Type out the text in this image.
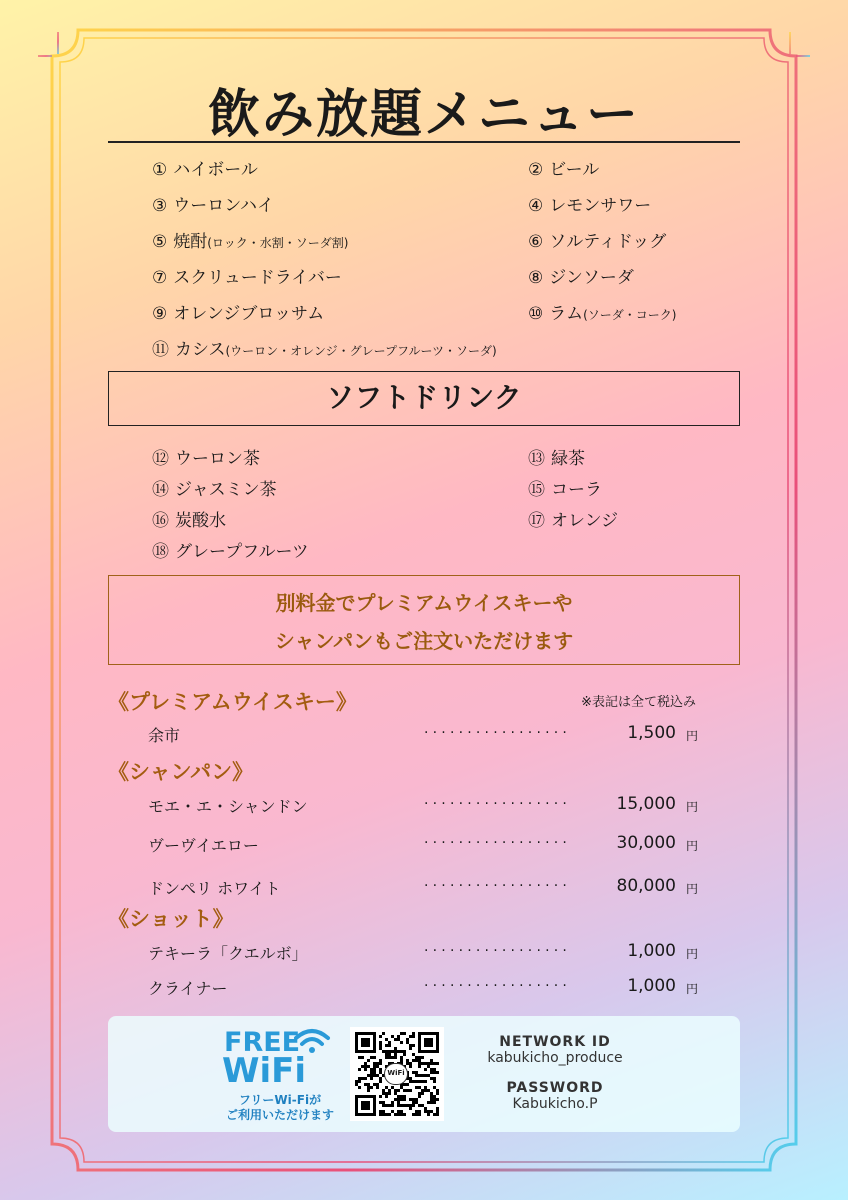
飲み放題メニュー
① ハイボール	② ビール
③ ウーロンハイ	④ レモンサワー
⑤ 焼酎(ロック・水割・ソーダ割)	⑥ ソルティドッグ
⑦ スクリュードライバー	⑧ ジンソーダ
⑨ オレンジブロッサム	⑩ ラム(ソーダ・コーク)
⑪ カシス(ウーロン・オレンジ・グレープフルーツ・ソーダ)
ソフトドリンク
⑫ ウーロン茶	⑬ 緑茶
⑭ ジャスミン茶	⑮ コーラ
⑯ 炭酸水	⑰ オレンジ
⑱ グレープフルーツ
別料金でプレミアムウイスキーや
シャンパンもご注文いただけます
《プレミアムウイスキー》	※表記は全て税込み
《シャンパン》
《ショット》
余市	.................	1,500 円
モエ・エ・シャンドン	.................	15,000 円
ヴーヴイエロー	.................	30,000 円
ドンペリ ホワイト	.................	80,000 円
テキーラ「クエルボ」	.................	1,000 円
クライナー	.................	1,000 円
FREE
WiFi
フリーWi-Fiが
ご利用いただけます
WiFi
NETWORK ID
kabukicho_produce
PASSWORD
Kabukicho.P
